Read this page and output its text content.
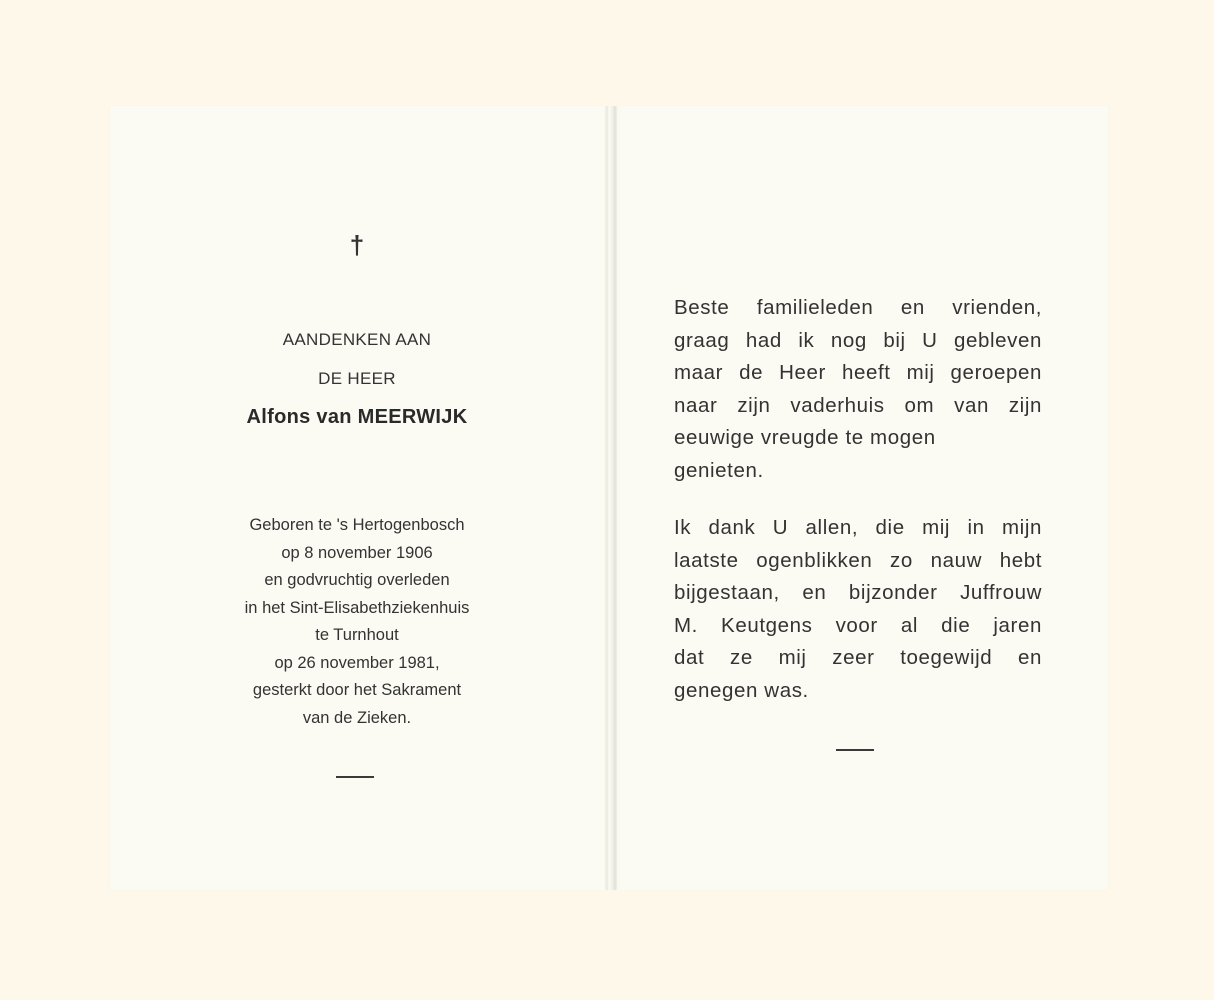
†
AANDENKEN AAN
DE HEER
Alfons van MEERWIJK
Geboren te 's Hertogenbosch
op 8 november 1906
en godvruchtig overleden
in het Sint-Elisabethziekenhuis
te Turnhout
op 26 november 1981,
gesterkt door het Sakrament
van de Zieken.
Beste familieleden en vrienden,
graag had ik nog bij U gebleven
maar de Heer heeft mij geroepen
naar zijn vaderhuis om van zijn
eeuwige vreugde te mogen
genieten.
Ik dank U allen, die mij in mijn
laatste ogenblikken zo nauw hebt
bijgestaan, en bijzonder Juffrouw
M. Keutgens voor al die jaren
dat ze mij zeer toegewijd en
genegen was.
